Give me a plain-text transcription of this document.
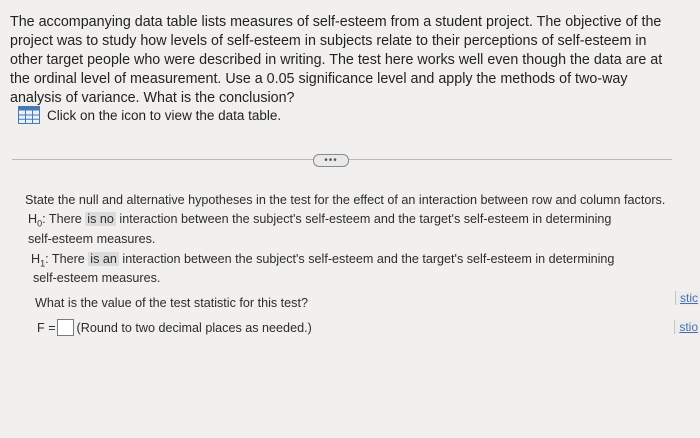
The accompanying data table lists measures of self-esteem from a student project. The objective of the project was to study how levels of self-esteem in subjects relate to their perceptions of self-esteem in other target people who were described in writing. The test here works well even though the data are at the ordinal level of measurement. Use a 0.05 significance level and apply the methods of two-way analysis of variance. What is the conclusion?
Click on the icon to view the data table.
•••
State the null and alternative hypotheses in the test for the effect of an interaction between row and column factors.
$H_0$: There is no interaction between the subject's self-esteem and the target's self-esteem in determining
self-esteem measures.
$H_1$: There is an interaction between the subject's self-esteem and the target's self-esteem in determining
self-esteem measures.
What is the value of the test statistic for this test?
F = (Round to two decimal places as needed.)
stic
stio
